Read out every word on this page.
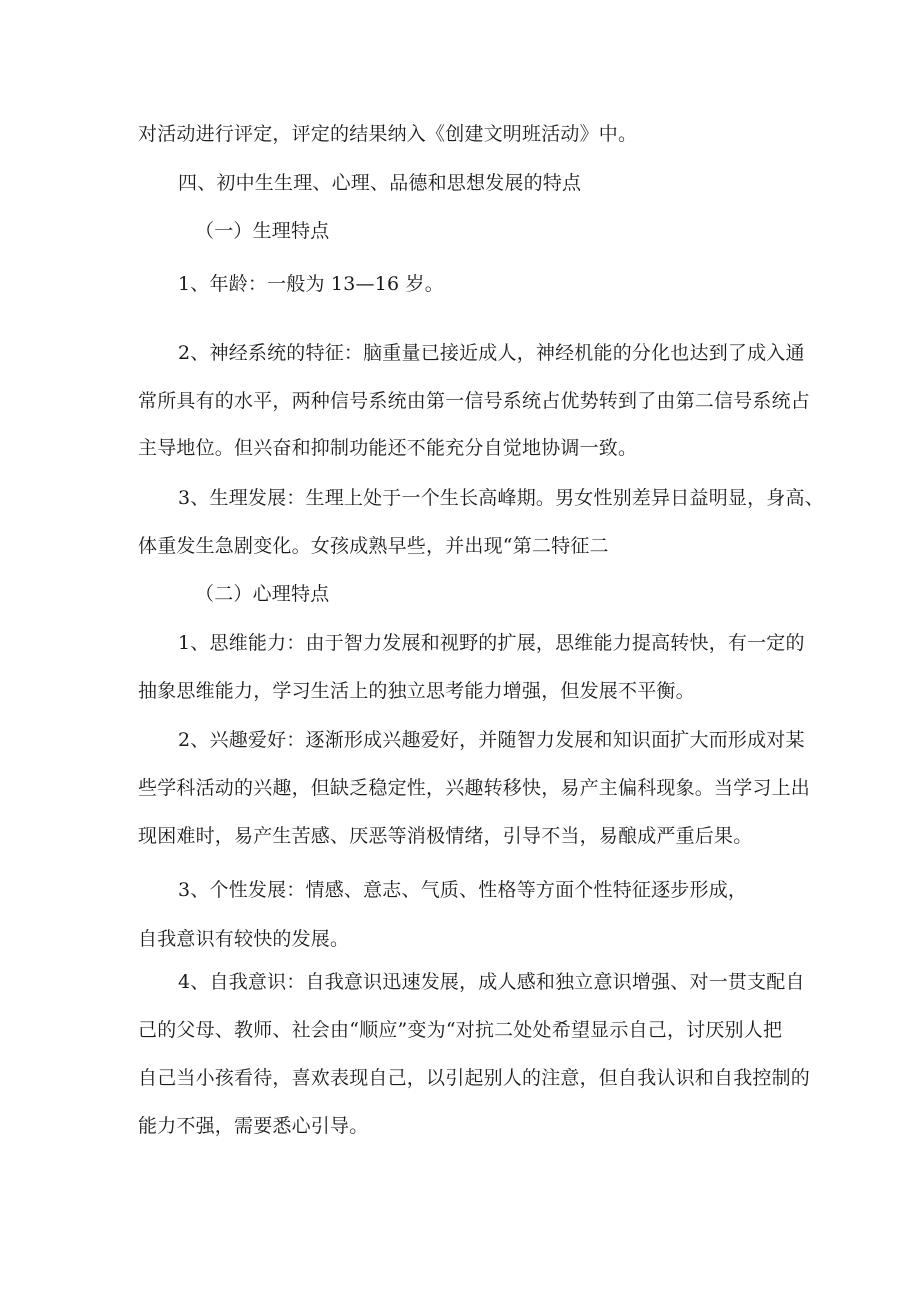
对活动进行评定，评定的结果纳入《创建文明班活动》中。
四、初中生生理、心理、品德和思想发展的特点
（一）生理特点
1、年龄：一般为 13—16 岁。
2、神经系统的特征：脑重量已接近成人，神经机能的分化也达到了成入通
常所具有的水平，两种信号系统由第一信号系统占优势转到了由第二信号系统占
主导地位。但兴奋和抑制功能还不能充分自觉地协调一致。
3、生理发展：生理上处于一个生长高峰期。男女性别差异日益明显，身高、
体重发生急剧变化。女孩成熟早些，并出现“第二特征二
（二）心理特点
1、思维能力：由于智力发展和视野的扩展，思维能力提高转快，有一定的
抽象思维能力，学习生活上的独立思考能力增强，但发展不平衡。
2、兴趣爱好：逐渐形成兴趣爱好，并随智力发展和知识面扩大而形成对某
些学科活动的兴趣，但缺乏稳定性，兴趣转移快，易产主偏科现象。当学习上出
现困难时，易产生苦感、厌恶等消极情绪，引导不当，易酿成严重后果。
3、个性发展：情感、意志、气质、性格等方面个性特征逐步形成，
自我意识有较快的发展。
4、自我意识：自我意识迅速发展，成人感和独立意识增强、对一贯支配自
己的父母、教师、社会由“顺应”变为“对抗二处处希望显示自己，讨厌别人把
自己当小孩看待，喜欢表现自己，以引起别人的注意，但自我认识和自我控制的
能力不强，需要悉心引导。
